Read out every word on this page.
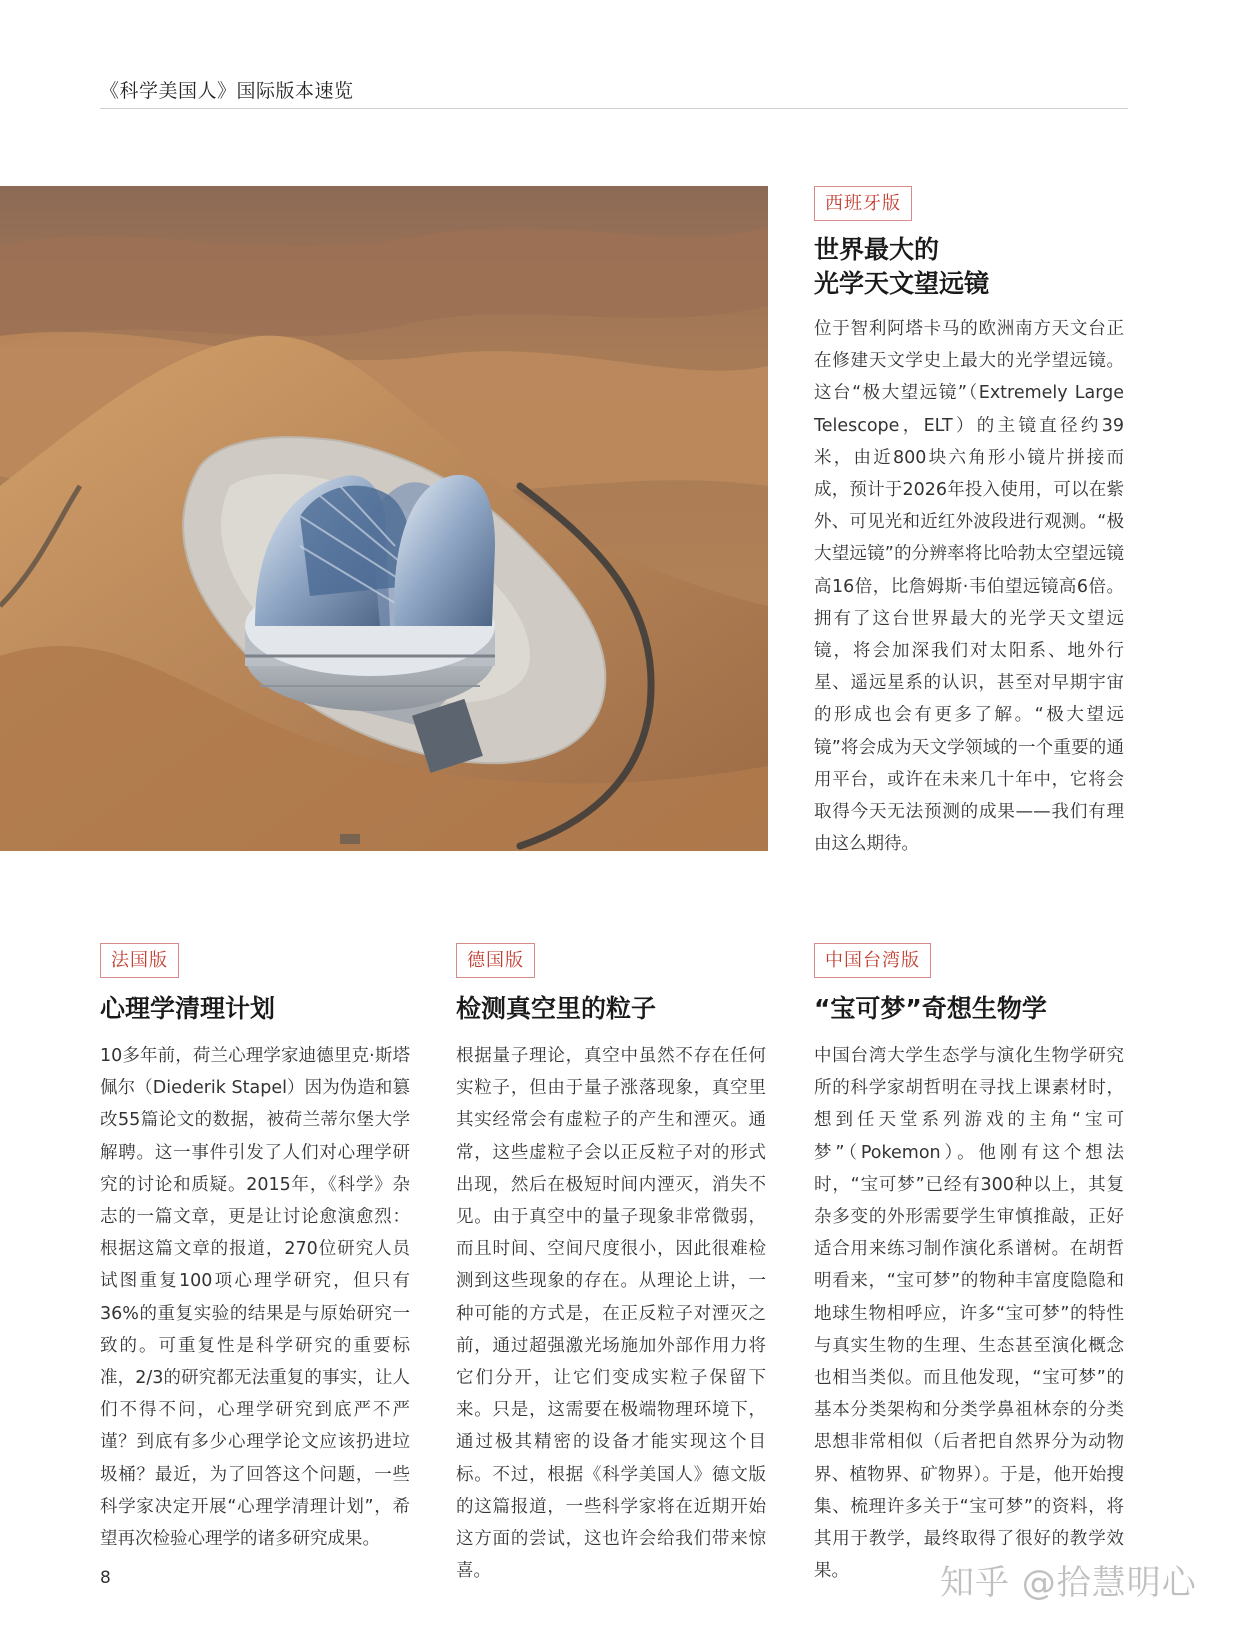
《科学美国人》国际版本速览
西班牙版
世界最大的
光学天文望远镜

位于智利阿塔卡马的欧洲南方天文台正在修建天文学史上最大的光学望远镜。这台“极大望远镜”（Extremely Large Telescope，ELT）的主镜直径约39米，由近800块六角形小镜片拼接而成，预计于2026年投入使用，可以在紫外、可见光和近红外波段进行观测。“极大望远镜”的分辨率将比哈勃太空望远镜高16倍，比詹姆斯·韦伯望远镜高6倍。拥有了这台世界最大的光学天文望远镜，将会加深我们对太阳系、地外行星、遥远星系的认识，甚至对早期宇宙的形成也会有更多了解。“极大望远镜”将会成为天文学领域的一个重要的通用平台，或许在未来几十年中，它将会取得今天无法预测的成果——我们有理由这么期待。

法国版
心理学清理计划

10多年前，荷兰心理学家迪德里克·斯塔佩尔（Diederik Stapel）因为伪造和篡改55篇论文的数据，被荷兰蒂尔堡大学解聘。这一事件引发了人们对心理学研究的讨论和质疑。2015年，《科学》杂志的一篇文章，更是让讨论愈演愈烈：根据这篇文章的报道，270位研究人员试图重复100项心理学研究，但只有36%的重复实验的结果是与原始研究一致的。可重复性是科学研究的重要标准，2/3的研究都无法重复的事实，让人们不得不问，心理学研究到底严不严谨？到底有多少心理学论文应该扔进垃圾桶？最近，为了回答这个问题，一些科学家决定开展“心理学清理计划”，希望再次检验心理学的诸多研究成果。

德国版
检测真空里的粒子

根据量子理论，真空中虽然不存在任何实粒子，但由于量子涨落现象，真空里其实经常会有虚粒子的产生和湮灭。通常，这些虚粒子会以正反粒子对的形式出现，然后在极短时间内湮灭，消失不见。由于真空中的量子现象非常微弱，而且时间、空间尺度很小，因此很难检测到这些现象的存在。从理论上讲，一种可能的方式是，在正反粒子对湮灭之前，通过超强激光场施加外部作用力将它们分开，让它们变成实粒子保留下来。只是，这需要在极端物理环境下，通过极其精密的设备才能实现这个目标。不过，根据《科学美国人》德文版的这篇报道，一些科学家将在近期开始这方面的尝试，这也许会给我们带来惊喜。

中国台湾版
“宝可梦”奇想生物学

中国台湾大学生态学与演化生物学研究所的科学家胡哲明在寻找上课素材时，想到任天堂系列游戏的主角“宝可梦”（Pokemon）。他刚有这个想法时，“宝可梦”已经有300种以上，其复杂多变的外形需要学生审慎推敲，正好适合用来练习制作演化系谱树。在胡哲明看来，“宝可梦”的物种丰富度隐隐和地球生物相呼应，许多“宝可梦”的特性与真实生物的生理、生态甚至演化概念也相当类似。而且他发现，“宝可梦”的基本分类架构和分类学鼻祖林奈的分类思想非常相似（后者把自然界分为动物界、植物界、矿物界）。于是，他开始搜集、梳理许多关于“宝可梦”的资料，将其用于教学，最终取得了很好的教学效果。

8	知乎 @拾慧明心
